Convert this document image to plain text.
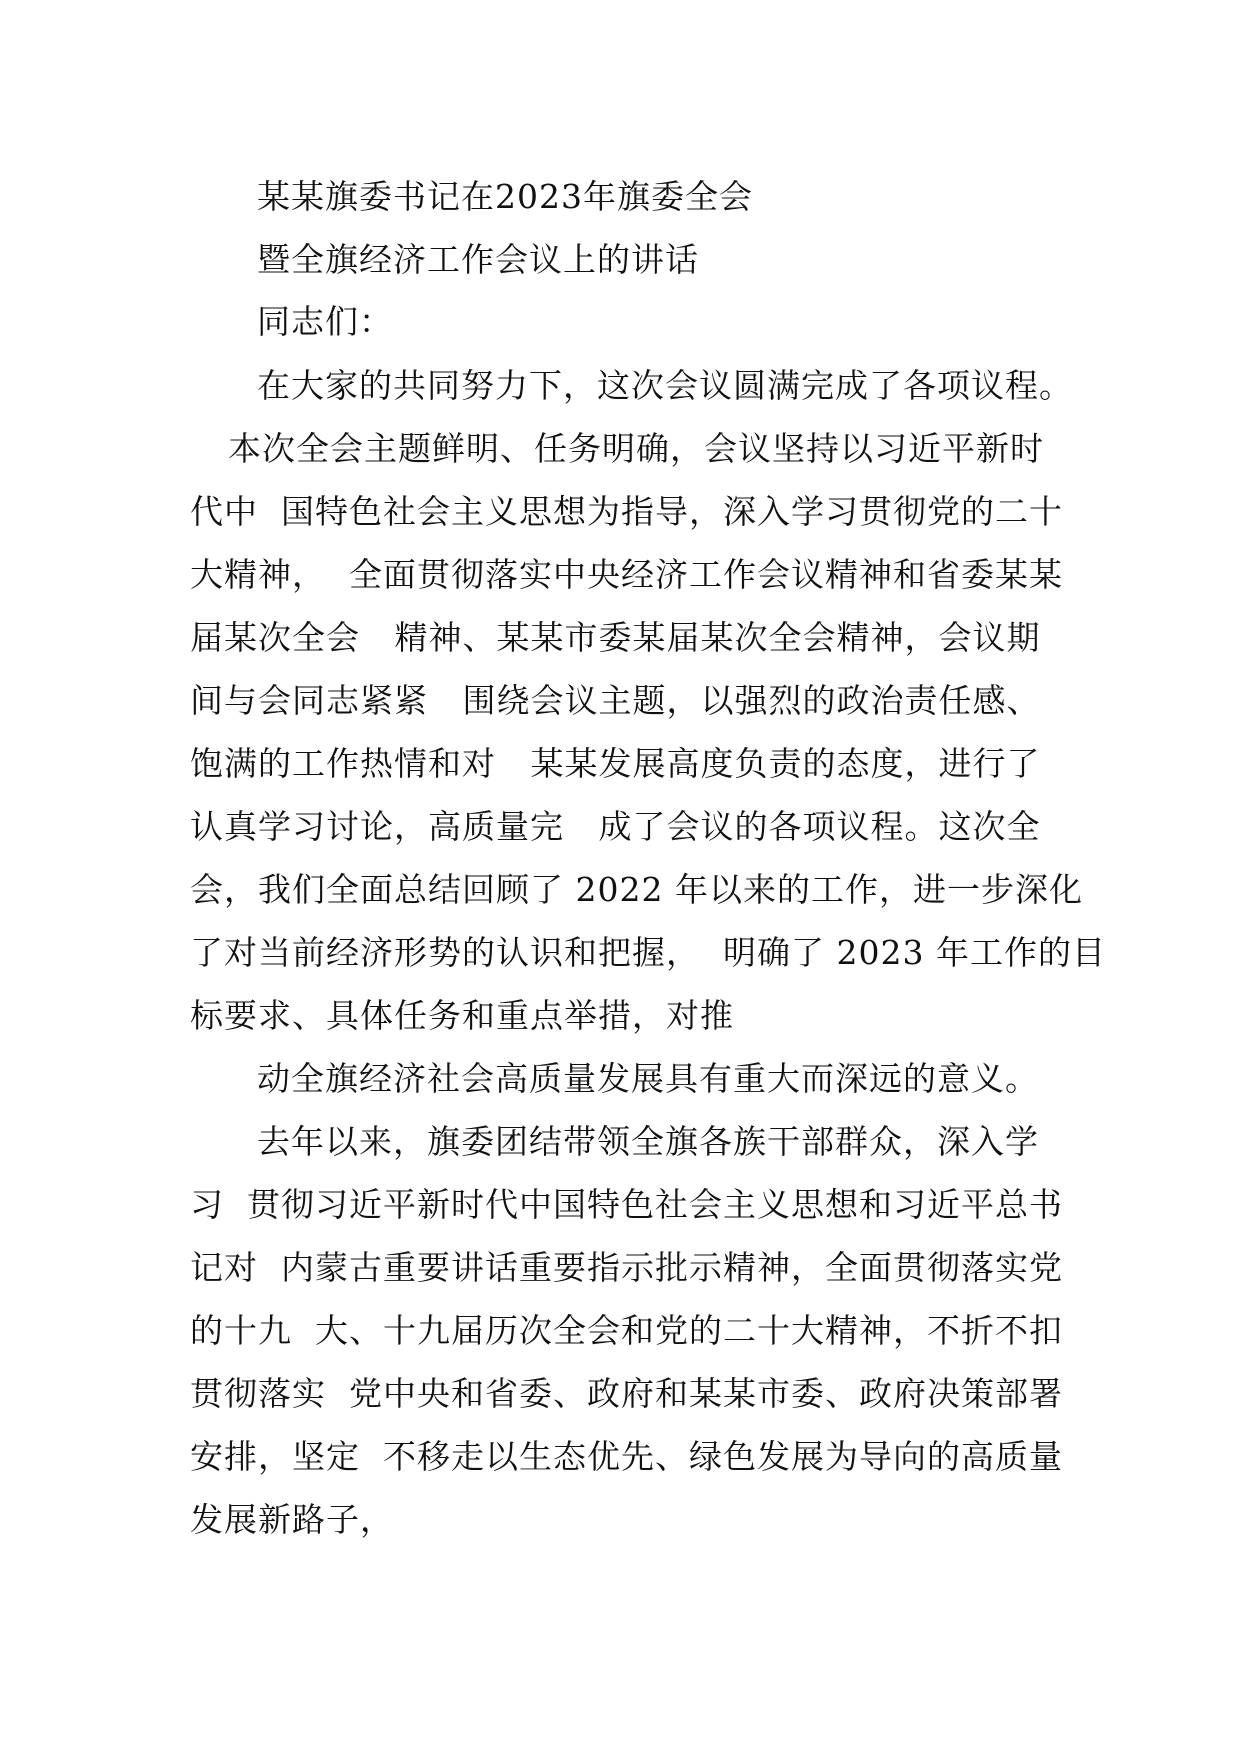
某某旗委书记在2023年旗委全会
暨全旗经济工作会议上的讲话
同志们：
在大家的共同努力下，这次会议圆满完成了各项议程。
本次全会主题鲜明、任务明确，会议坚持以习近平新时
代中  国特色社会主义思想为指导，深入学习贯彻党的二十
大精神，  全面贯彻落实中央经济工作会议精神和省委某某
届某次全会   精神、某某市委某届某次全会精神，会议期
间与会同志紧紧   围绕会议主题，以强烈的政治责任感、
饱满的工作热情和对   某某发展高度负责的态度，进行了
认真学习讨论，高质量完   成了会议的各项议程。这次全
会，我们全面总结回顾了 2022 年以来的工作，进一步深化
了对当前经济形势的认识和把握，  明确了 2023 年工作的目
标要求、具体任务和重点举措，对推
动全旗经济社会高质量发展具有重大而深远的意义。
去年以来，旗委团结带领全旗各族干部群众，深入学
习  贯彻习近平新时代中国特色社会主义思想和习近平总书
记对  内蒙古重要讲话重要指示批示精神，全面贯彻落实党
的十九  大、十九届历次全会和党的二十大精神，不折不扣
贯彻落实  党中央和省委、政府和某某市委、政府决策部署
安排，坚定  不移走以生态优先、绿色发展为导向的高质量
发展新路子，
